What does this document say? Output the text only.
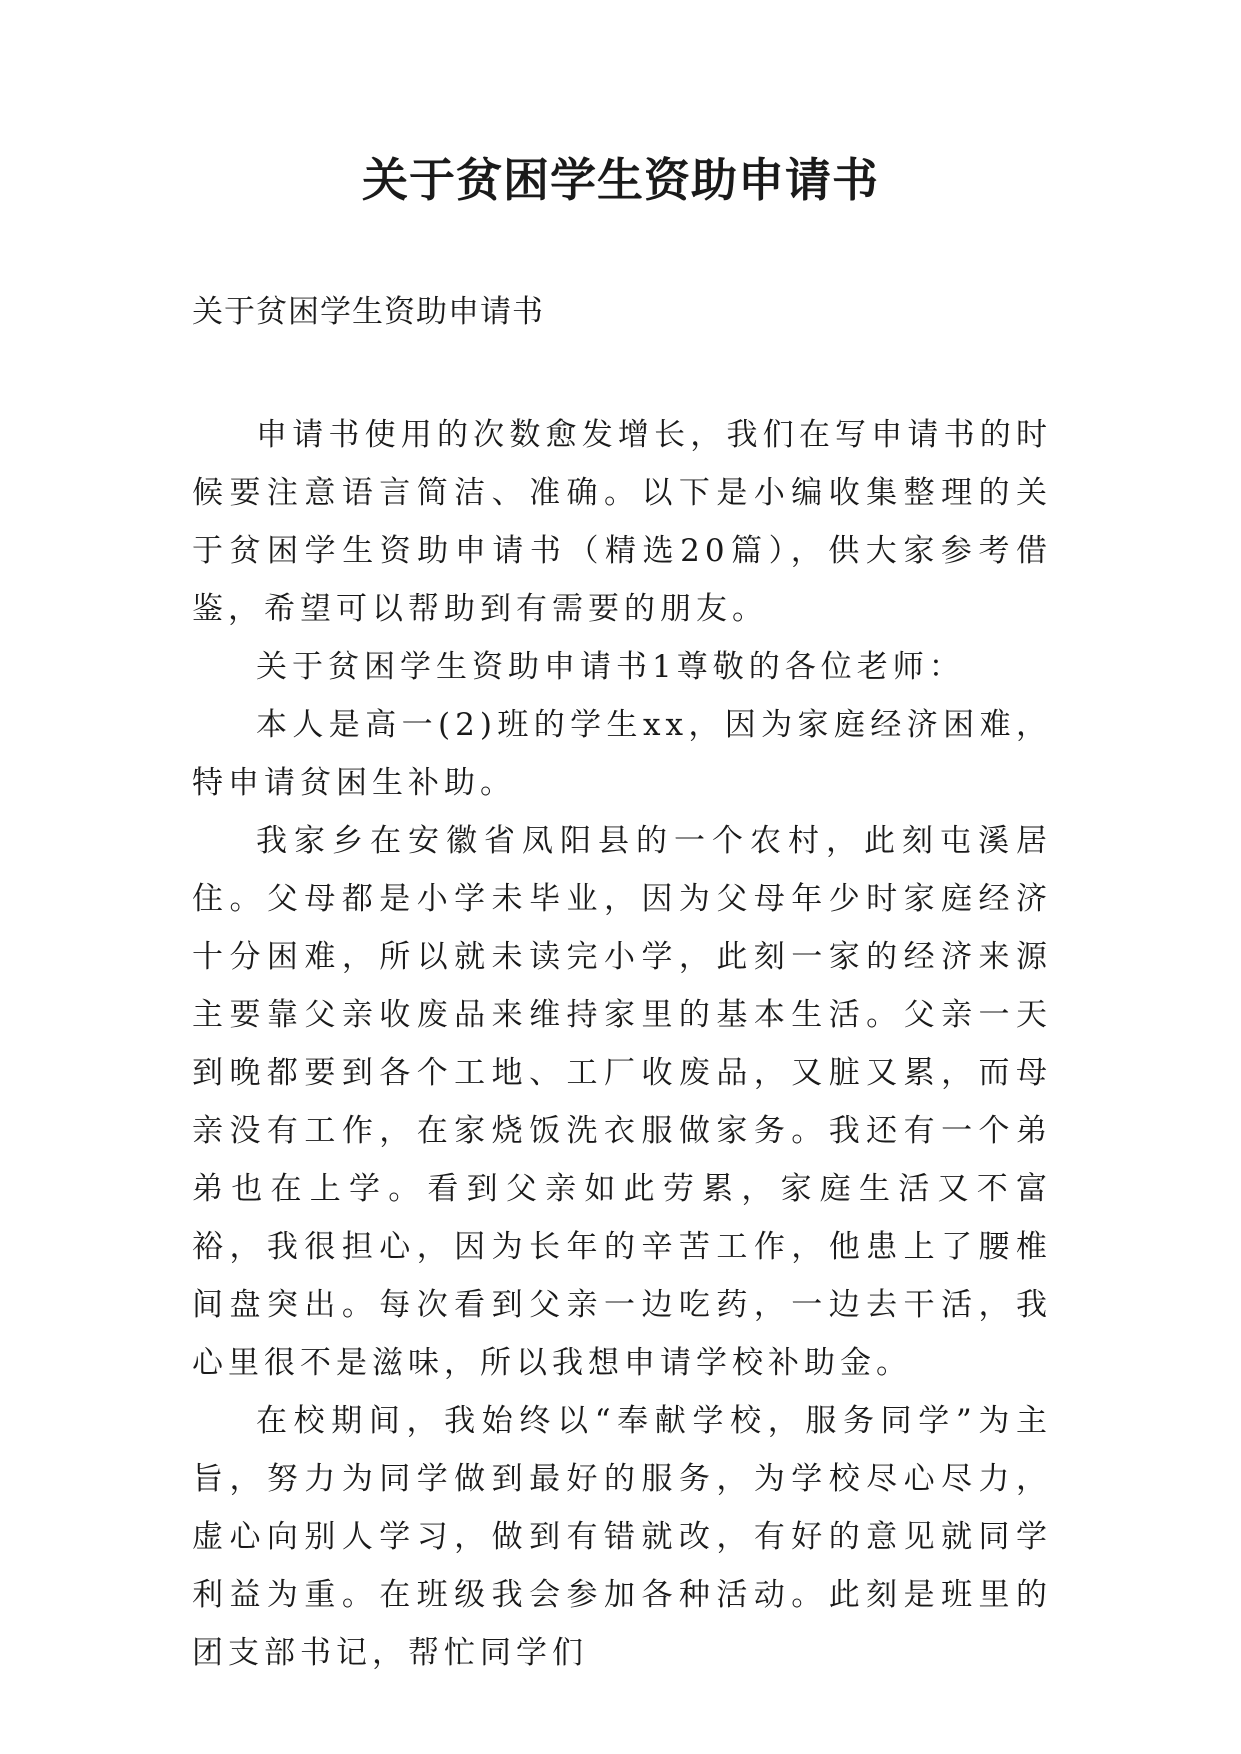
关于贫困学生资助申请书

关于贫困学生资助申请书

申请书使用的次数愈发增长，我们在写申请书的时候要注意语言简洁、准确。以下是小编收集整理的关于贫困学生资助申请书（精选20篇），供大家参考借鉴，希望可以帮助到有需要的朋友。

关于贫困学生资助申请书1尊敬的各位老师：

本人是高一(2)班的学生xx，因为家庭经济困难，特申请贫困生补助。

我家乡在安徽省凤阳县的一个农村，此刻屯溪居住。父母都是小学未毕业，因为父母年少时家庭经济十分困难，所以就未读完小学，此刻一家的经济来源主要靠父亲收废品来维持家里的基本生活。父亲一天到晚都要到各个工地、工厂收废品，又脏又累，而母亲没有工作，在家烧饭洗衣服做家务。我还有一个弟弟也在上学。看到父亲如此劳累，家庭生活又不富裕，我很担心，因为长年的辛苦工作，他患上了腰椎间盘突出。每次看到父亲一边吃药，一边去干活，我心里很不是滋味，所以我想申请学校补助金。

在校期间，我始终以“奉献学校，服务同学”为主旨，努力为同学做到最好的服务，为学校尽心尽力，虚心向别人学习，做到有错就改，有好的意见就同学利益为重。在班级我会参加各种活动。此刻是班里的团支部书记，帮忙同学们
